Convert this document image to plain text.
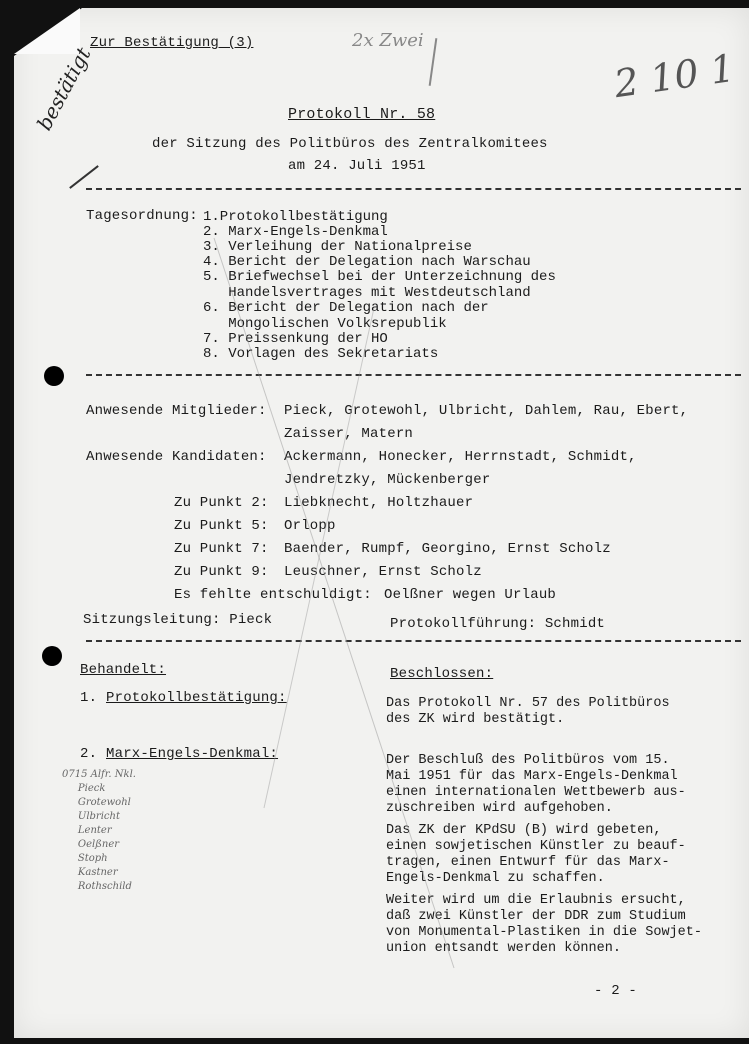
Zur Bestätigung (3)	2x Zwei
2 10 1
bestätigt	Protokoll Nr. 58
der Sitzung des Politbüros des Zentralkomitees
am 24. Juli 1951
Tagesordnung: 1.Protokollbestätigung
2. Marx-Engels-Denkmal
3. Verleihung der Nationalpreise
4. Bericht der Delegation nach Warschau
5. Briefwechsel bei der Unterzeichnung des
Handelsvertrages mit Westdeutschland
6. Bericht der Delegation nach der
Mongolischen Volksrepublik
7. Preissenkung der HO
8. Vorlagen des Sekretariats
Anwesende Mitglieder: Pieck, Grotewohl, Ulbricht, Dahlem, Rau, Ebert,
Zaisser, Matern
Anwesende Kandidaten: Ackermann, Honecker, Herrnstadt, Schmidt,
Jendretzky, Mückenberger
Zu Punkt 2: Liebknecht, Holtzhauer
Zu Punkt 5: Orlopp
Zu Punkt 7: Baender, Rumpf, Georgino, Ernst Scholz
Zu Punkt 9: Leuschner, Ernst Scholz
Es fehlte entschuldigt: Oelßner wegen Urlaub
Sitzungsleitung: Pieck	Protokollführung: Schmidt
Behandelt:	Beschlossen:
1. Protokollbestätigung:	Das Protokoll Nr. 57 des Politbüros
des ZK wird bestätigt.
2. Marx-Engels-Denkmal:	Der Beschluß des Politbüros vom 15.
Mai 1951 für das Marx-Engels-Denkmal
einen internationalen Wettbewerb aus-
zuschreiben wird aufgehoben.
Das ZK der KPdSU (B) wird gebeten,
einen sowjetischen Künstler zu beauf-
tragen, einen Entwurf für das Marx-
Engels-Denkmal zu schaffen.
Weiter wird um die Erlaubnis ersucht,
daß zwei Künstler der DDR zum Studium
von Monumental-Plastiken in die Sowjet-
union entsandt werden können.
0715 Alfr. Nkl.
Pieck
Grotewohl
Ulbricht
Lenter
Oelßner
Stoph
Kastner
Rothschild
- 2 -
